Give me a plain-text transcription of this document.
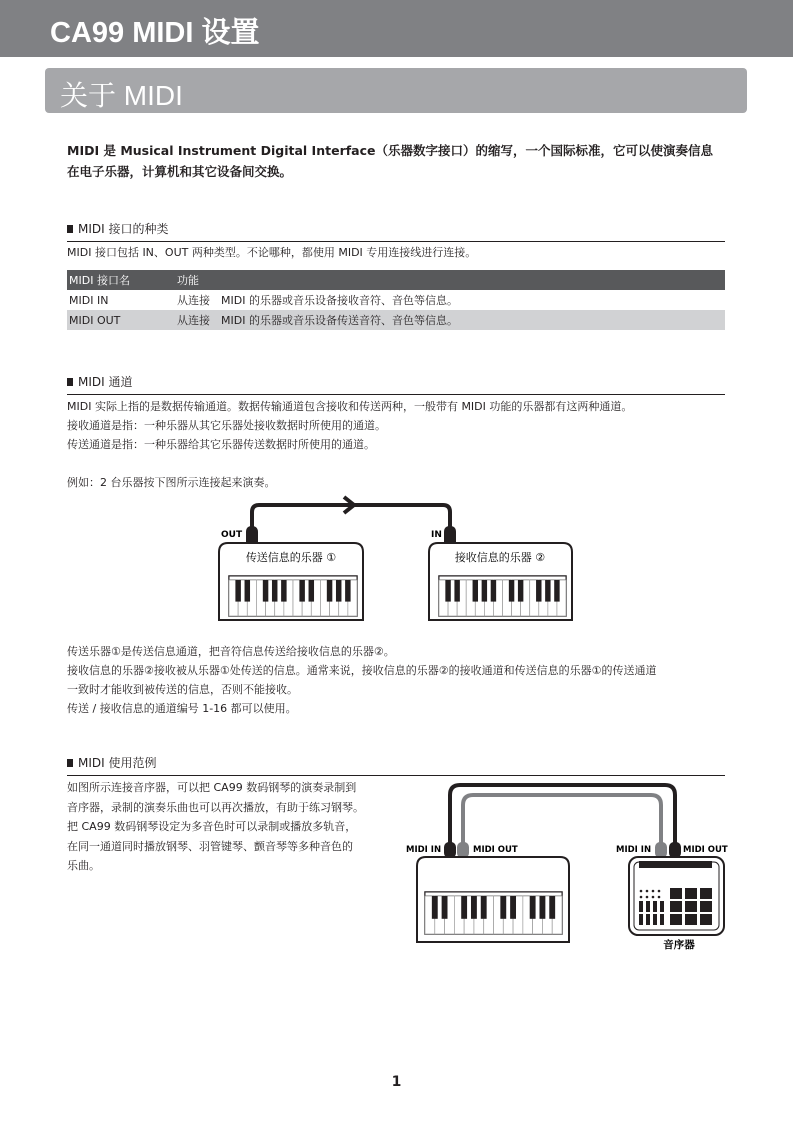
CA99 MIDI 设置
关于 MIDI
MIDI 是 Musical Instrument Digital Interface（乐器数字接口）的缩写，一个国际标准，它可以使演奏信息
在电子乐器，计算机和其它设备间交换。
MIDI 接口的种类
MIDI 接口包括 IN、OUT 两种类型。不论哪种，都使用 MIDI 专用连接线进行连接。
MIDI 接口名	功能
MIDI IN	从连接　MIDI 的乐器或音乐设备接收音符、音色等信息。
MIDI OUT	从连接　MIDI 的乐器或音乐设备传送音符、音色等信息。
MIDI 通道
MIDI 实际上指的是数据传输通道。数据传输通道包含接收和传送两种，一般带有 MIDI 功能的乐器都有这两种通道。
接收通道是指：一种乐器从其它乐器处接收数据时所使用的通道。
传送通道是指：一种乐器给其它乐器传送数据时所使用的通道。
例如：2 台乐器按下图所示连接起来演奏。
OUT	IN
传送信息的乐器 ①	接收信息的乐器 ②
MIDI IN	MIDI OUT	MIDI IN	MIDI OUT
音序器
传送乐器①是传送信息通道，把音符信息传送给接收信息的乐器②。
接收信息的乐器②接收被从乐器①处传送的信息。通常来说，接收信息的乐器②的接收通道和传送信息的乐器①的传送通道
一致时才能收到被传送的信息，否则不能接收。
传送 / 接收信息的通道编号 1-16 都可以使用。
MIDI 使用范例
如图所示连接音序器，可以把 CA99 数码钢琴的演奏录制到
音序器，录制的演奏乐曲也可以再次播放，有助于练习钢琴。
把 CA99 数码钢琴设定为多音色时可以录制或播放多轨音，
在同一通道同时播放钢琴、羽管键琴、颤音琴等多种音色的
乐曲。
1
